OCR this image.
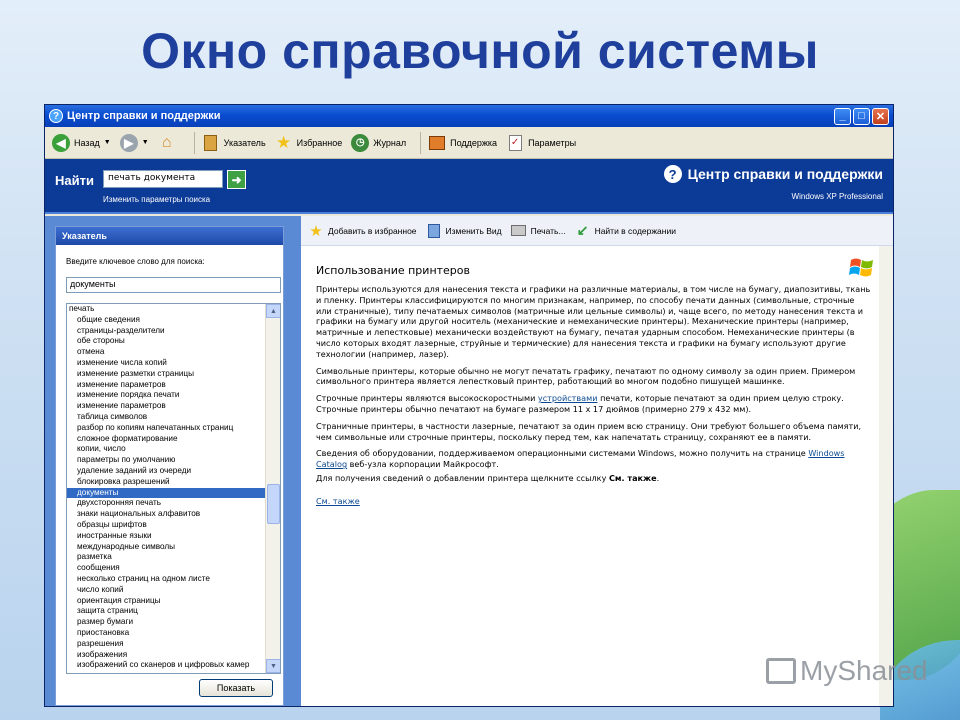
Окно справочной системы
? Центр справки и поддержки	_	□	✕
◀ Назад ▼	▶	▼ ⌂	Указатель ★ Избранное	◷ Журнал	Поддержка ✓ Параметры
Найти	печать документа	➜
Изменить параметры поиска
? Центр справки и поддержки
Windows XP Professional
Указатель
Введите ключевое слово для поиска:
документы
печать
общие сведения
страницы-разделители
обе стороны
отмена
изменение числа копий
изменение разметки страницы
изменение параметров
изменение порядка печати
изменение параметров
таблица символов
разбор по копиям напечатанных страниц
сложное форматирование
копии, число
параметры по умолчанию
удаление заданий из очереди
блокировка разрешений
документы
двухсторонняя печать
знаки национальных алфавитов
образцы шрифтов
иностранные языки
международные символы
разметка
сообщения
несколько страниц на одном листе
число копий
ориентация страницы
защита страниц
размер бумаги
приостановка
разрешения
изображения
изображений со сканеров и цифровых камер
▲
▼
Показать
★ Добавить в избранное	Изменить Вид	Печать... ↙ Найти в содержании
Использование принтеров

Принтеры используются для нанесения текста и графики на различные материалы, в том числе на бумагу, диапозитивы, ткань и пленку. Принтеры классифицируются по многим признакам, например, по способу печати данных (символьные, строчные или страничные), типу печатаемых символов (матричные или цельные символы) и, чаще всего, по методу нанесения текста и графики на бумагу или другой носитель (механические и немеханические принтеры). Механические принтеры (например, матричные и лепестковые) механически воздействуют на бумагу, печатая ударным способом. Немеханические принтеры (в число которых входят лазерные, струйные и термические) для нанесения текста и графики на бумагу используют другие технологии (например, лазер).

Символьные принтеры, которые обычно не могут печатать графику, печатают по одному символу за один прием. Примером символьного принтера является лепестковый принтер, работающий во многом подобно пишущей машинке.

Строчные принтеры являются высокоскоростными устройствами печати, которые печатают за один прием целую строку. Строчные принтеры обычно печатают на бумаге размером 11 х 17 дюймов (примерно 279 х 432 мм).

Страничные принтеры, в частности лазерные, печатают за один прием всю страницу. Они требуют большего объема памяти, чем символьные или строчные принтеры, поскольку перед тем, как напечатать страницу, сохраняют ее в памяти.

Сведения об оборудовании, поддерживаемом операционными системами Windows, можно получить на странице Windows Catalog веб-узла корпорации Майкрософт.

Для получения сведений о добавлении принтера щелкните ссылку См. также.

См. также

MyShared
